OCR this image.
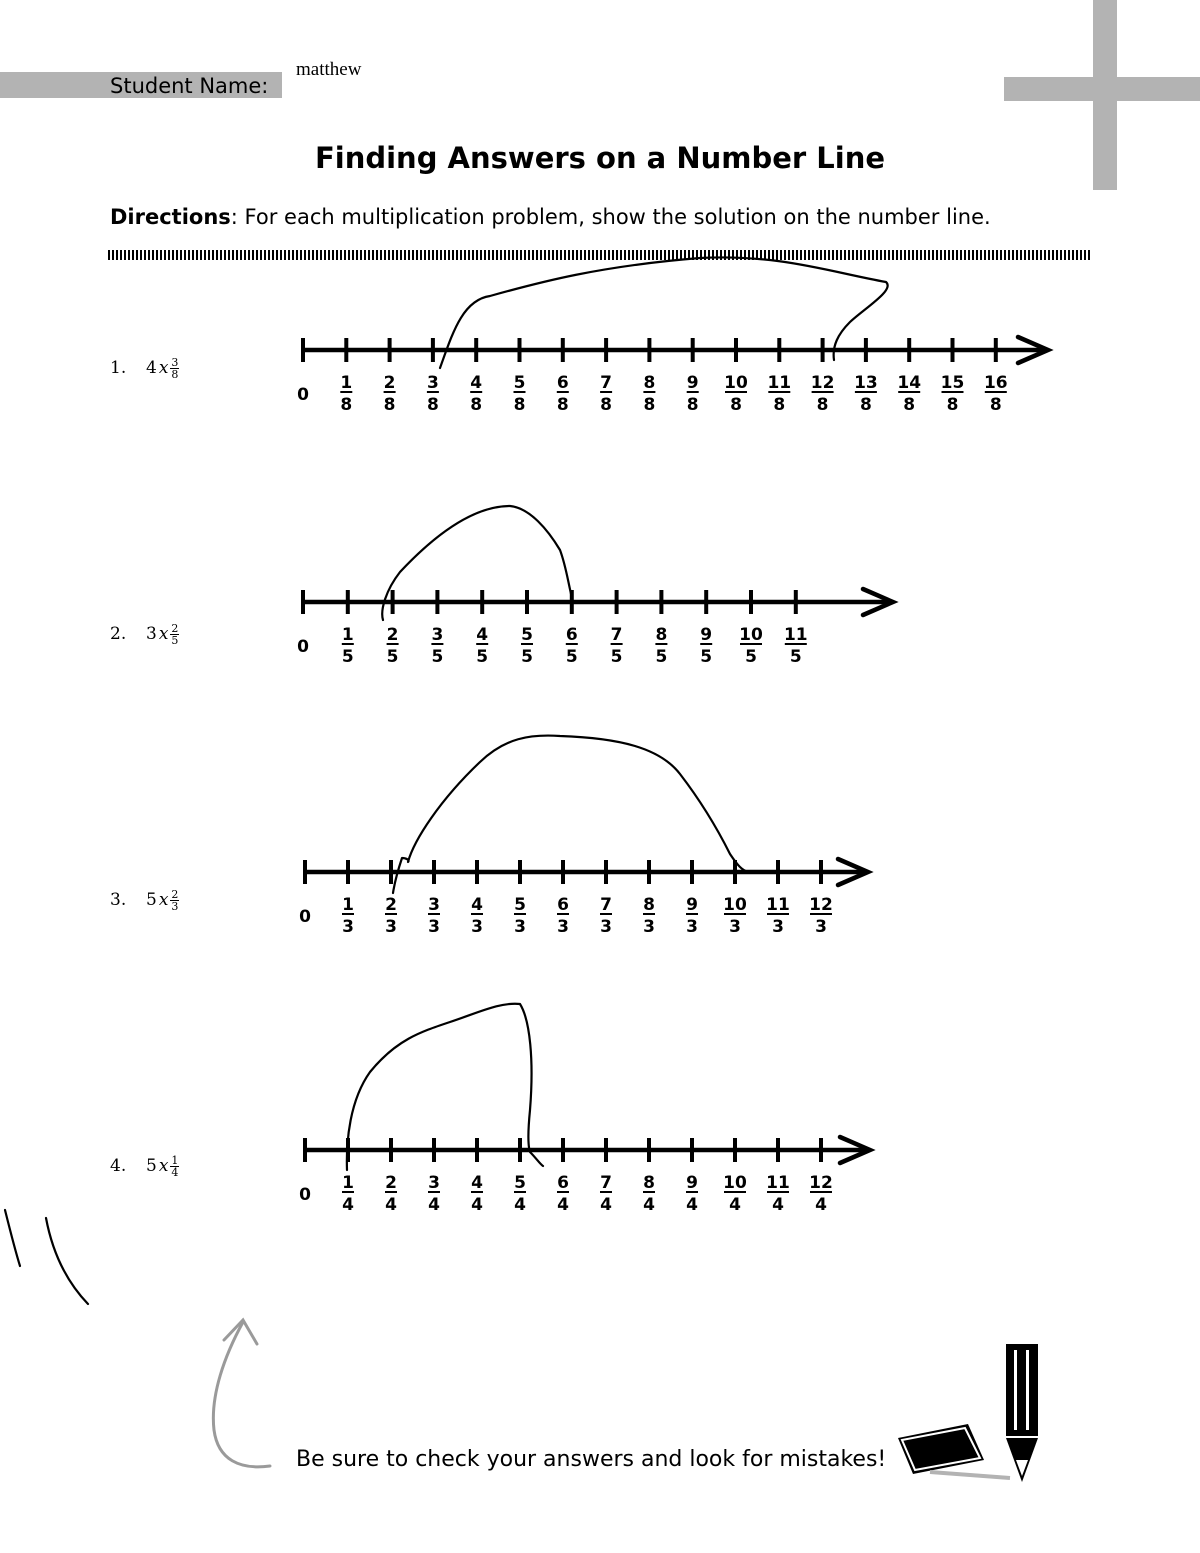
Student Name:
matthew
Finding Answers on a Number Line
Directions: For each multiplication problem, show the solution on the number line.
1. 4 x $\frac{3}{8}$
2. 3 x $\frac{2}{5}$
3. 5 x $\frac{2}{3}$
4. 5 x $\frac{1}{4}$
0
1
8
2
8
3
8
4
8
5
8
6
8
7
8
8
8
9
8
10
8
11
8
12
8
13
8
14
8
15
8
16
8
0
1
5
2
5
3
5
4
5
5
5
6
5
7
5
8
5
9
5
10
5
11
5
0
1
3
2
3
3
3
4
3
5
3
6
3
7
3
8
3
9
3
10
3
11
3
12
3
0
1
4
2
4
3
4
4
4
5
4
6
4
7
4
8
4
9
4
10
4
11
4
12
4
Be sure to check your answers and look for mistakes!
